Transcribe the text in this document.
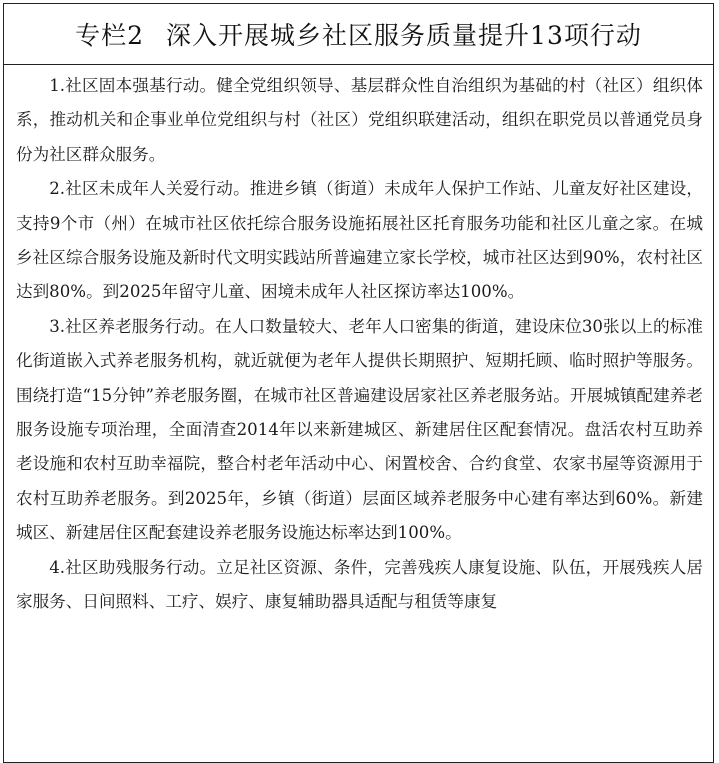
专栏2 深入开展城乡社区服务质量提升13项行动

1.社区固本强基行动。健全党组织领导、基层群众性自治组织为基础的村（社区）组织体系，推动机关和企事业单位党组织与村（社区）党组织联建活动，组织在职党员以普通党员身份为社区群众服务。

2.社区未成年人关爱行动。推进乡镇（街道）未成年人保护工作站、儿童友好社区建设，支持9个市（州）在城市社区依托综合服务设施拓展社区托育服务功能和社区儿童之家。在城乡社区综合服务设施及新时代文明实践站所普遍建立家长学校，城市社区达到90%，农村社区达到80%。到2025年留守儿童、困境未成年人社区探访率达100%。

3.社区养老服务行动。在人口数量较大、老年人口密集的街道，建设床位30张以上的标准化街道嵌入式养老服务机构，就近就便为老年人提供长期照护、短期托顾、临时照护等服务。围绕打造“15分钟”养老服务圈，在城市社区普遍建设居家社区养老服务站。开展城镇配建养老服务设施专项治理，全面清查2014年以来新建城区、新建居住区配套情况。盘活农村互助养老设施和农村互助幸福院，整合村老年活动中心、闲置校舍、合约食堂、农家书屋等资源用于农村互助养老服务。到2025年，乡镇（街道）层面区域养老服务中心建有率达到60%。新建城区、新建居住区配套建设养老服务设施达标率达到100%。

4.社区助残服务行动。立足社区资源、条件，完善残疾人康复设施、队伍，开展残疾人居家服务、日间照料、工疗、娱疗、康复辅助器具适配与租赁等康复
